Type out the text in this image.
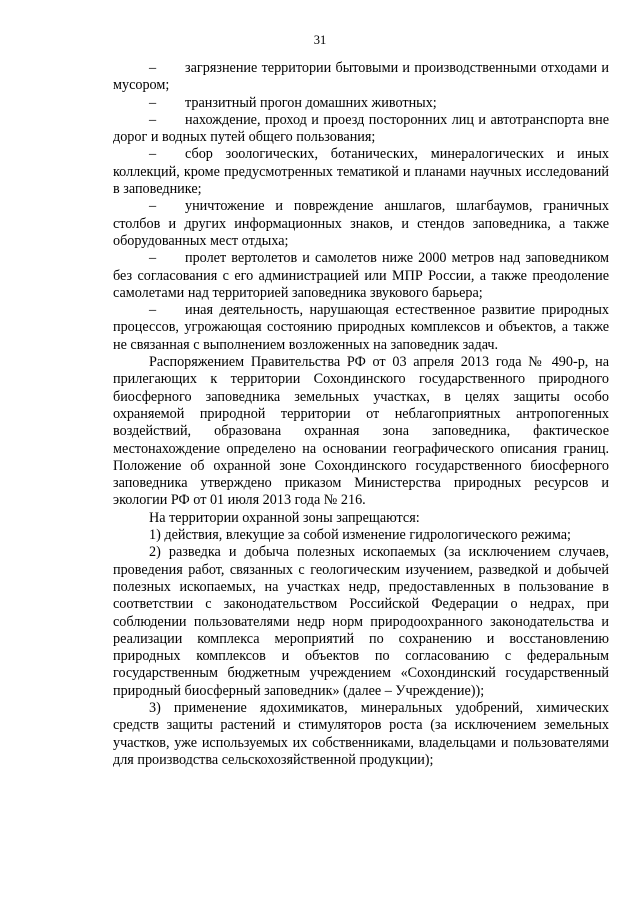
31

– загрязнение территории бытовыми и производственными отходами и мусором;

– транзитный прогон домашних животных;

– нахождение, проход и проезд посторонних лиц и автотранспорта вне дорог и водных путей общего пользования;

– сбор зоологических, ботанических, минералогических и иных коллекций, кроме предусмотренных тематикой и планами научных исследований в заповеднике;

– уничтожение и повреждение аншлагов, шлагбаумов, граничных столбов и других информационных знаков, и стендов заповедника, а также оборудованных мест отдыха;

– пролет вертолетов и самолетов ниже 2000 метров над заповедником без согласования с его администрацией или МПР России, а также преодоление самолетами над территорией заповедника звукового барьера;

– иная деятельность, нарушающая естественное развитие природных процессов, угрожающая состоянию природных комплексов и объектов, а также не связанная с выполнением возложенных на заповедник задач.

Распоряжением Правительства РФ от 03 апреля 2013 года № 490-р, на прилегающих к территории Сохондинского государственного природного биосферного заповедника земельных участках, в целях защиты особо охраняемой природной территории от неблагоприятных антропогенных воздействий, образована охранная зона заповедника, фактическое местонахождение определено на основании географического описания границ. Положение об охранной зоне Сохондинского государственного биосферного заповедника утверждено приказом Министерства природных ресурсов и экологии РФ от 01 июля 2013 года № 216.

На территории охранной зоны запрещаются:

1) действия, влекущие за собой изменение гидрологического режима;

2) разведка и добыча полезных ископаемых (за исключением случаев, проведения работ, связанных с геологическим изучением, разведкой и добычей полезных ископаемых, на участках недр, предоставленных в пользование в соответствии с законодательством Российской Федерации о недрах, при соблюдении пользователями недр норм природоохранного законодательства и реализации комплекса мероприятий по сохранению и восстановлению природных комплексов и объектов по согласованию с федеральным государственным бюджетным учреждением «Сохондинский государственный природный биосферный заповедник» (далее – Учреждение));

3) применение ядохимикатов, минеральных удобрений, химических средств защиты растений и стимуляторов роста (за исключением земельных участков, уже используемых их собственниками, владельцами и пользователями для производства сельскохозяйственной продукции);
